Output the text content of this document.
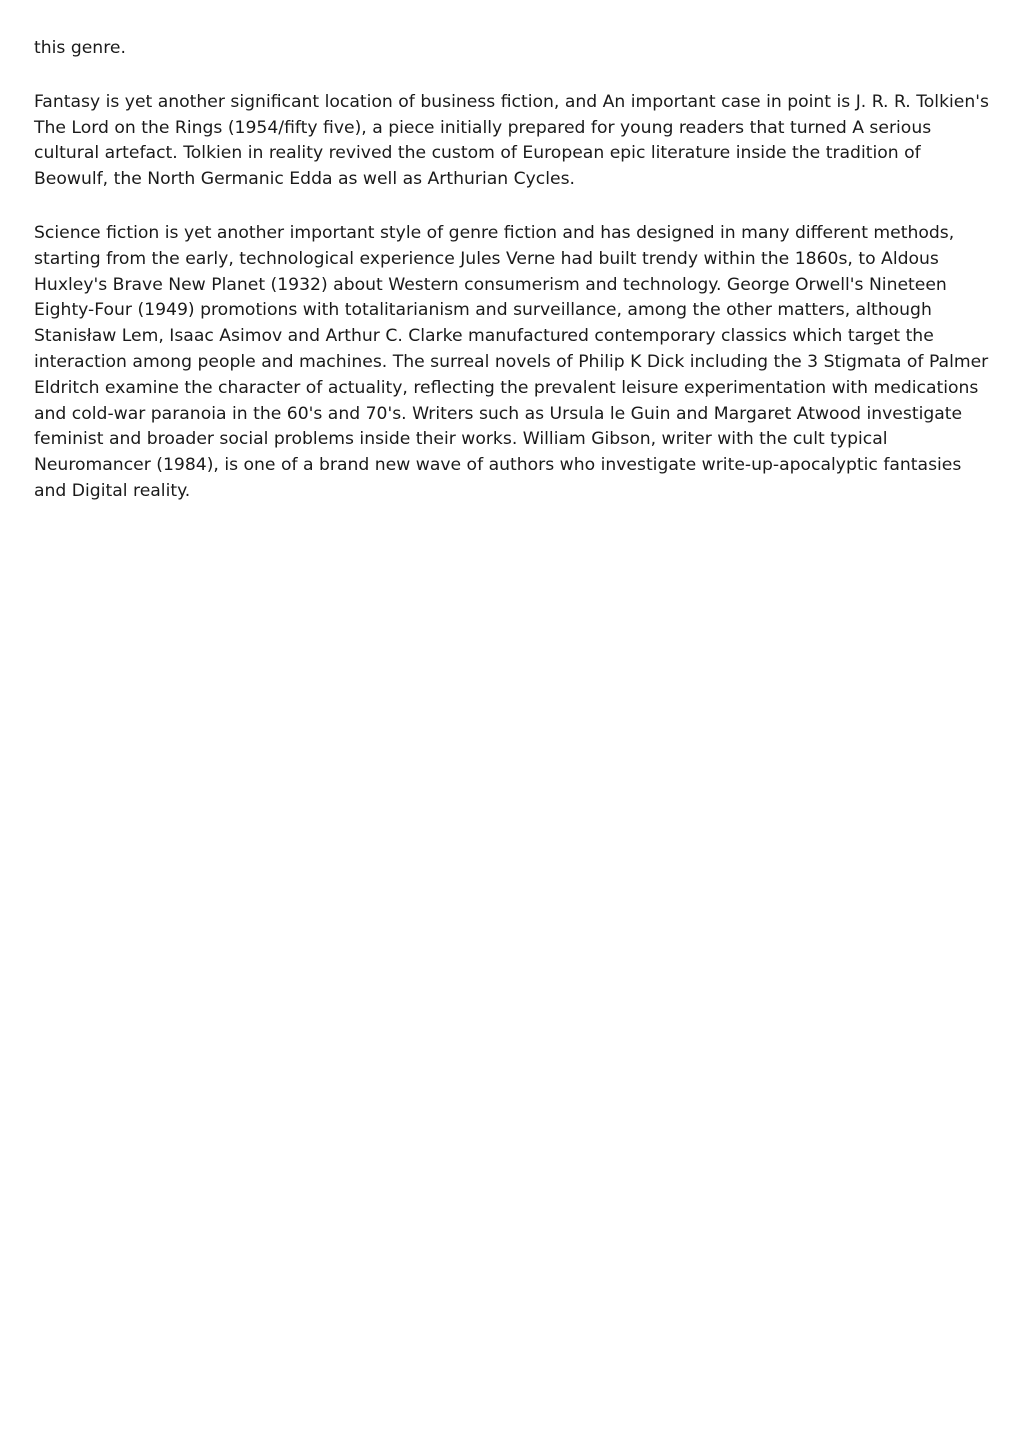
this genre.

Fantasy is yet another significant location of business fiction, and An important case in point is J. R. R. Tolkien's The Lord on the Rings (1954/fifty five), a piece initially prepared for young readers that turned A serious cultural artefact. Tolkien in reality revived the custom of European epic literature inside the tradition of Beowulf, the North Germanic Edda as well as Arthurian Cycles.

Science fiction is yet another important style of genre fiction and has designed in many different methods, starting from the early, technological experience Jules Verne had built trendy within the 1860s, to Aldous Huxley's Brave New Planet (1932) about Western consumerism and technology. George Orwell's Nineteen Eighty-Four (1949) promotions with totalitarianism and surveillance, among the other matters, although Stanisław Lem, Isaac Asimov and Arthur C. Clarke manufactured contemporary classics which target the interaction among people and machines. The surreal novels of Philip K Dick including the 3 Stigmata of Palmer Eldritch examine the character of actuality, reflecting the prevalent leisure experimentation with medications and cold-war paranoia in the 60's and 70's. Writers such as Ursula le Guin and Margaret Atwood investigate feminist and broader social problems inside their works. William Gibson, writer with the cult typical Neuromancer (1984), is one of a brand new wave of authors who investigate write-up-apocalyptic fantasies and Digital reality.
